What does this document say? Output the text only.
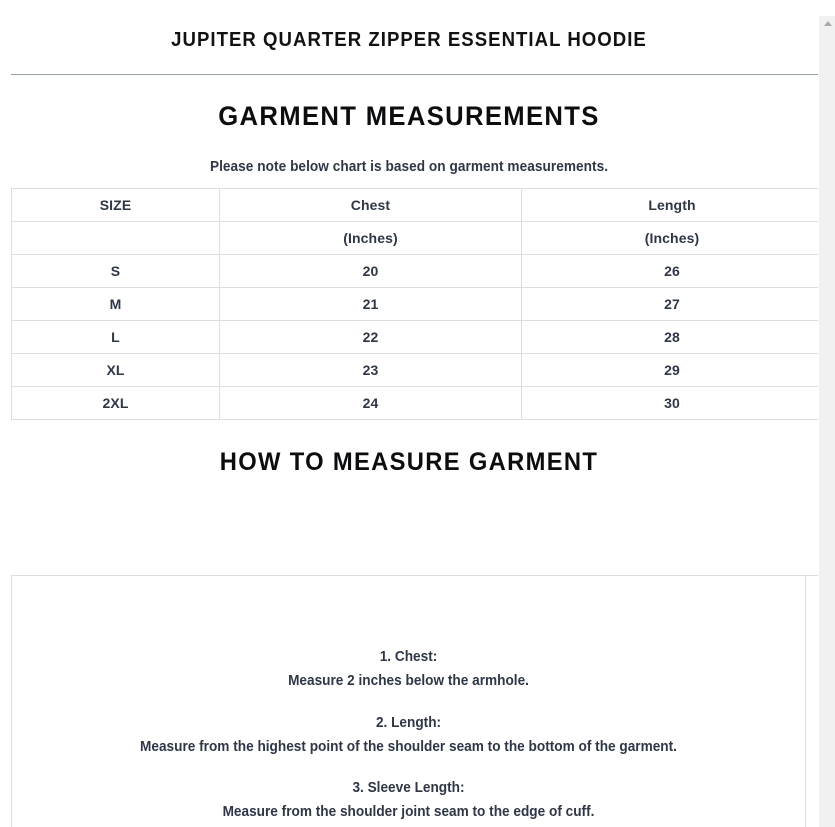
JUPITER QUARTER ZIPPER ESSENTIAL HOODIE
GARMENT MEASUREMENTS

Please note below chart is based on garment measurements.

SIZE	Chest	Length
	(Inches)	(Inches)
S	20	26
M	21	27
L	22	28
XL	23	29
2XL	24	30
HOW TO MEASURE GARMENT
1. Chest:
Measure 2 inches below the armhole.
2. Length:
Measure from the highest point of the shoulder seam to the bottom of the garment.
3. Sleeve Length:
Measure from the shoulder joint seam to the edge of cuff.
